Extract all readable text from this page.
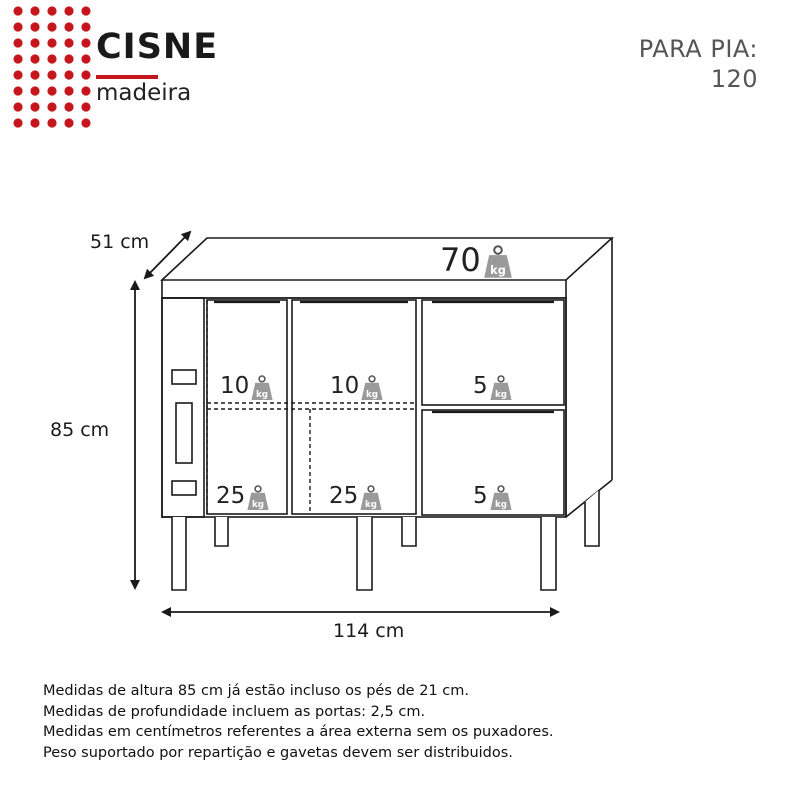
CISNE
madeira
PARA PIA:
120
51 cm
85 cm
114 cm
70 kg
10 kg	10 kg	5 kg
25 kg	25 kg	5 kg
Medidas de altura 85 cm já estão incluso os pés de 21 cm.
Medidas de profundidade incluem as portas: 2,5 cm.
Medidas em centímetros referentes a área externa sem os puxadores.
Peso suportado por repartição e gavetas devem ser distribuidos.
